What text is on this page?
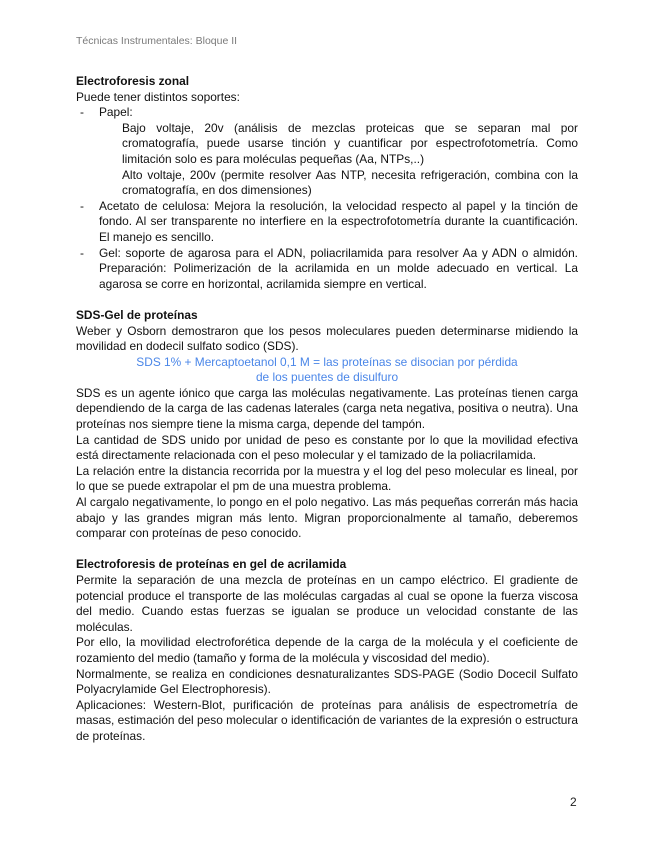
Técnicas Instrumentales: Bloque II

Electroforesis zonal

Puede tener distintos soportes:

- Papel:

Bajo voltaje, 20v (análisis de mezclas proteicas que se separan mal por cromatografía, puede usarse tinción y cuantificar por espectrofotometría. Como limitación solo es para moléculas pequeñas (Aa, NTPs,..)

Alto voltaje, 200v (permite resolver Aas NTP, necesita refrigeración, combina con la cromatografía, en dos dimensiones)

- Acetato de celulosa: Mejora la resolución, la velocidad respecto al papel y la tinción de fondo. Al ser transparente no interfiere en la espectrofotometría durante la cuantificación. El manejo es sencillo.
- Gel: soporte de agarosa para el ADN, poliacrilamida para resolver Aa y ADN o almidón. Preparación: Polimerización de la acrilamida en un molde adecuado en vertical. La agarosa se corre en horizontal, acrilamida siempre en vertical.

SDS-Gel de proteínas

Weber y Osborn demostraron que los pesos moleculares pueden determinarse midiendo la movilidad en dodecil sulfato sodico (SDS).

SDS 1% + Mercaptoetanol 0,1 M = las proteínas se disocian por pérdida

de los puentes de disulfuro

SDS es un agente iónico que carga las moléculas negativamente. Las proteínas tienen carga dependiendo de la carga de las cadenas laterales (carga neta negativa, positiva o neutra). Una proteínas nos siempre tiene la misma carga, depende del tampón.

La cantidad de SDS unido por unidad de peso es constante por lo que la movilidad efectiva está directamente relacionada con el peso molecular y el tamizado de la poliacrilamida.

La relación entre la distancia recorrida por la muestra y el log del peso molecular es lineal, por lo que se puede extrapolar el pm de una muestra problema.

Al cargalo negativamente, lo pongo en el polo negativo. Las más pequeñas correrán más hacia abajo y las grandes migran más lento. Migran proporcionalmente al tamaño, deberemos comparar con proteínas de peso conocido.

Electroforesis de proteínas en gel de acrilamida

Permite la separación de una mezcla de proteínas en un campo eléctrico. El gradiente de potencial produce el transporte de las moléculas cargadas al cual se opone la fuerza viscosa del medio. Cuando estas fuerzas se igualan se produce un velocidad constante de las moléculas.

Por ello, la movilidad electroforética depende de la carga de la molécula y el coeficiente de rozamiento del medio (tamaño y forma de la molécula y viscosidad del medio).

Normalmente, se realiza en condiciones desnaturalizantes SDS-PAGE (Sodio Docecil Sulfato Polyacrylamide Gel Electrophoresis).

Aplicaciones: Western-Blot, purificación de proteínas para análisis de espectrometría de masas, estimación del peso molecular o identificación de variantes de la expresión o estructura de proteínas.

2
